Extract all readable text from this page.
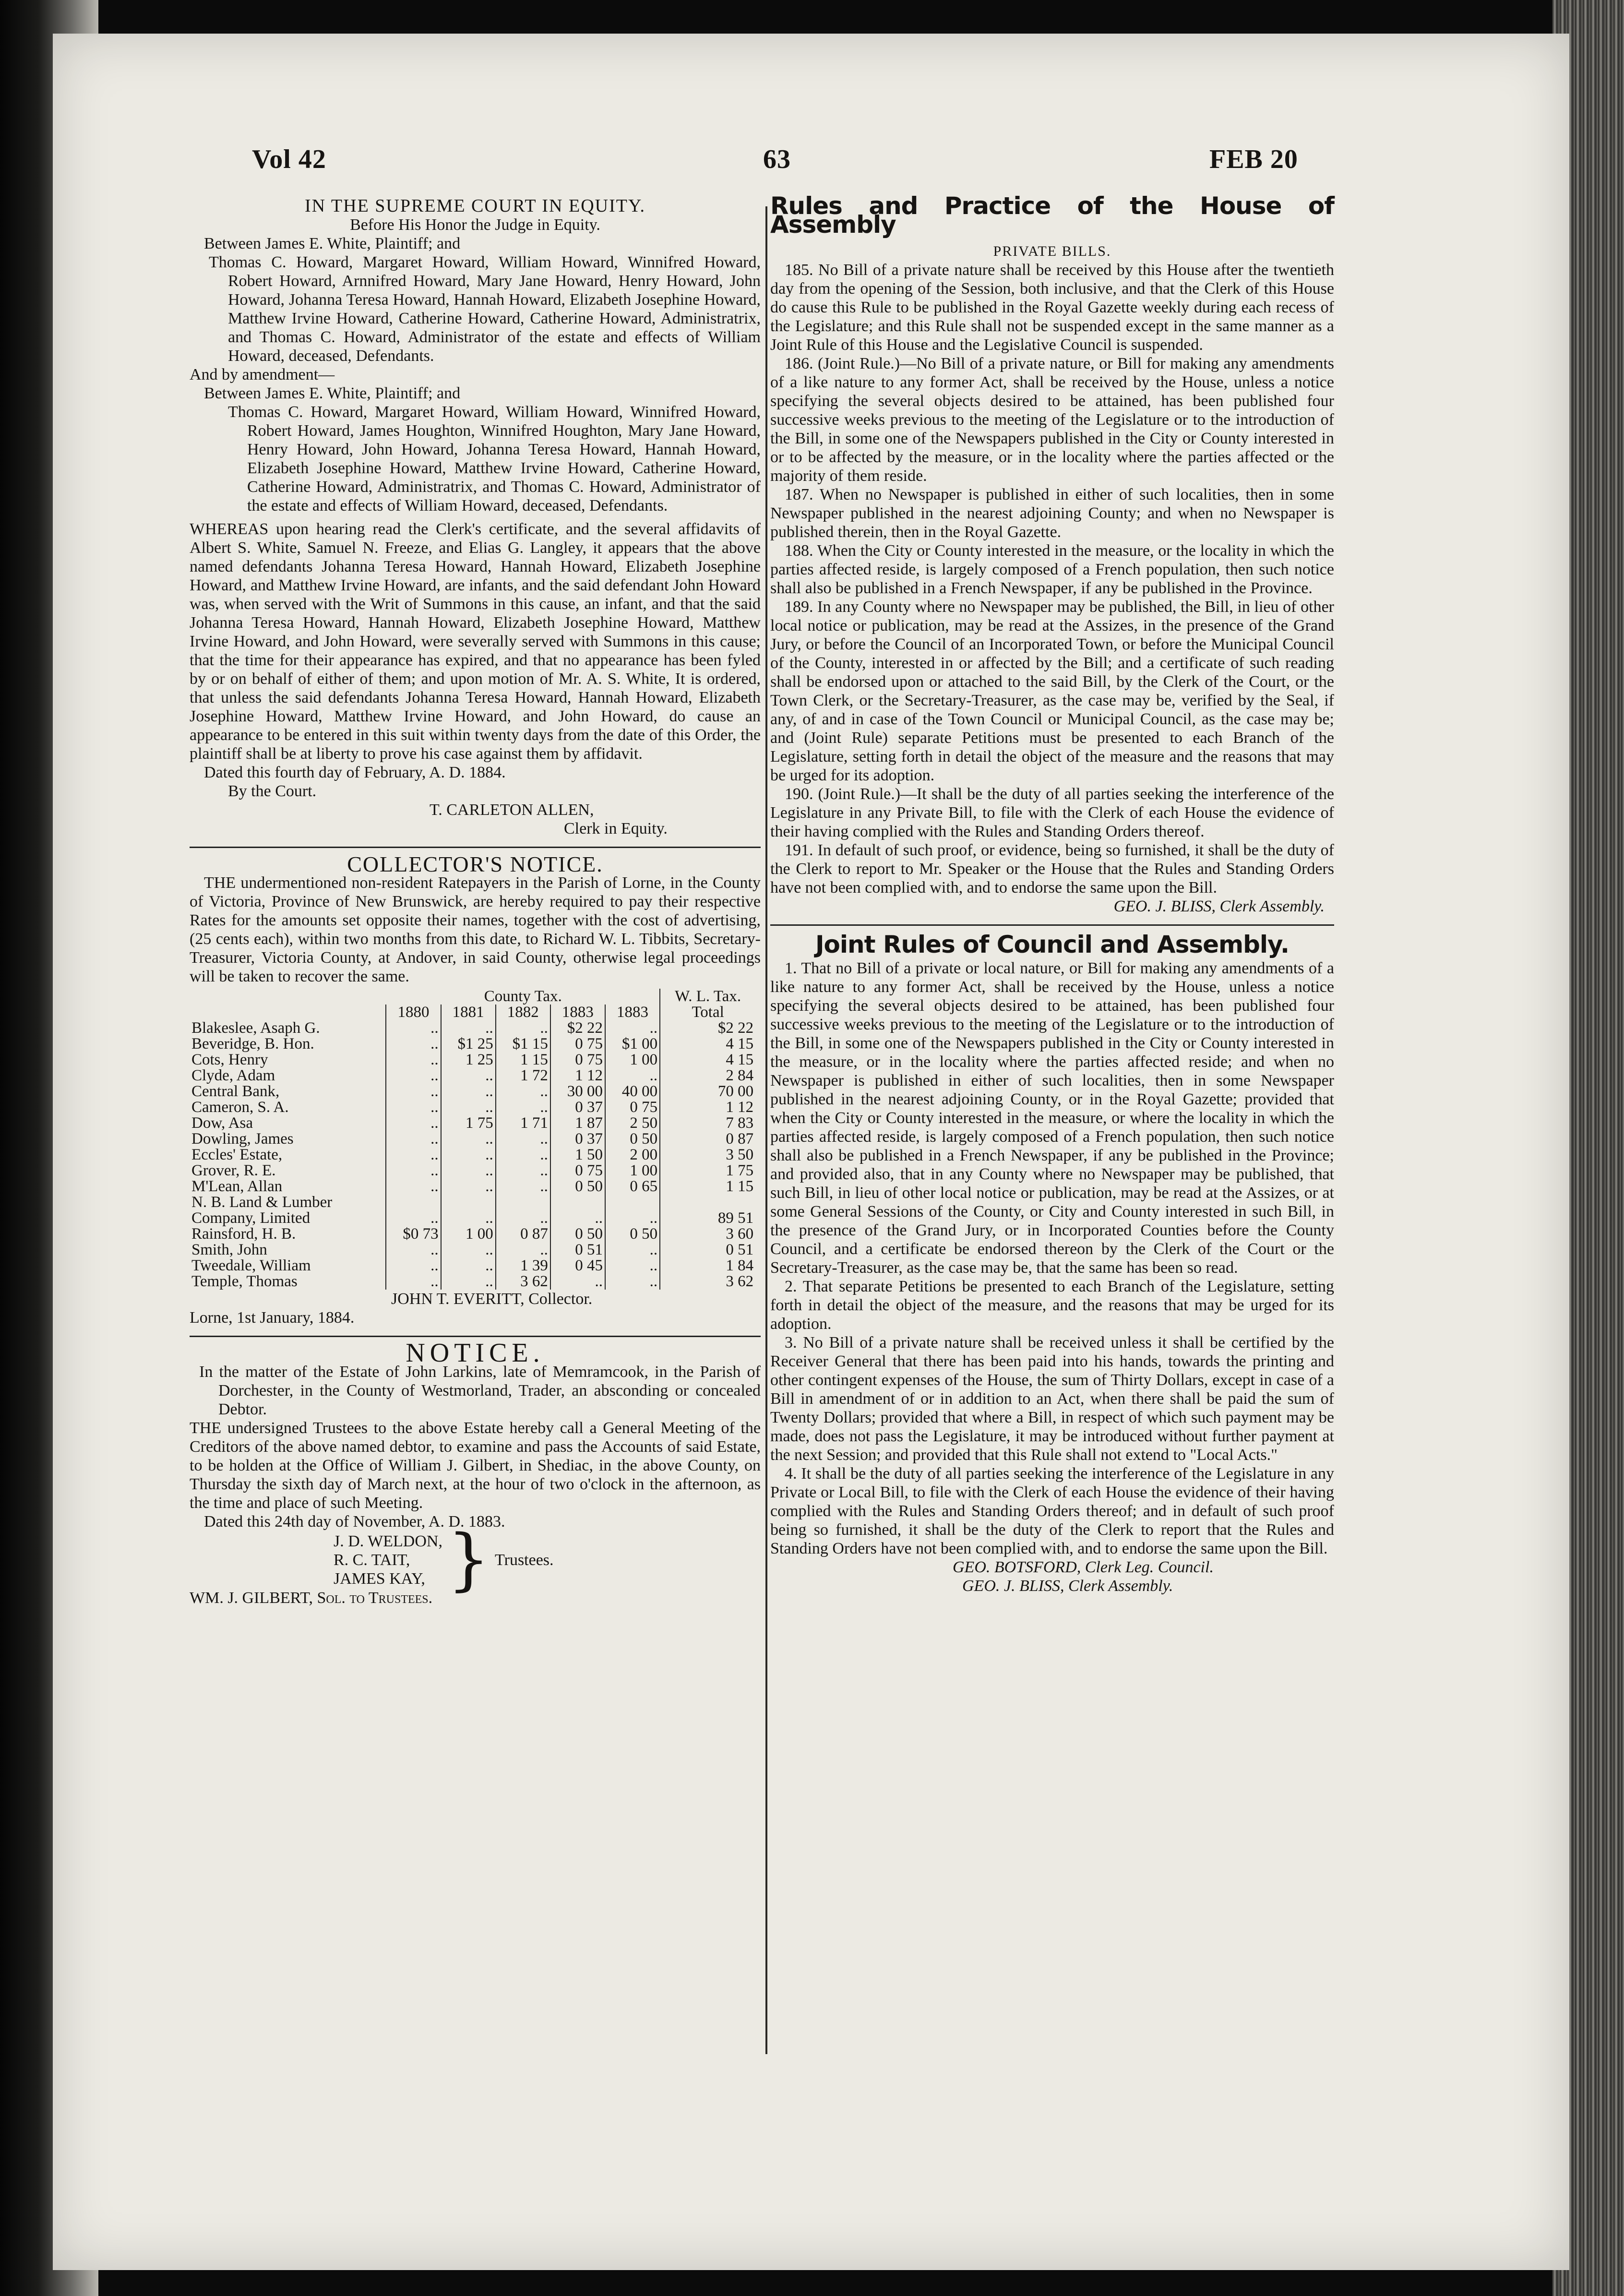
Vol 42	63	FEB 20

IN THE SUPREME COURT IN EQUITY.

Before His Honor the Judge in Equity.

Between James E. White, Plaintiff; and

Thomas C. Howard, Margaret Howard, William Howard, Winnifred Howard, Robert Howard, Arnnifred Howard, Mary Jane Howard, Henry Howard, John Howard, Johanna Teresa Howard, Hannah Howard, Elizabeth Josephine Howard, Matthew Irvine Howard, Catherine Howard, Catherine Howard, Administratrix, and Thomas C. Howard, Administrator of the estate and effects of William Howard, deceased, Defendants.

And by amendment—

Between James E. White, Plaintiff; and

Thomas C. Howard, Margaret Howard, William Howard, Winnifred Howard, Robert Howard, James Houghton, Winnifred Houghton, Mary Jane Howard, Henry Howard, John Howard, Johanna Teresa Howard, Hannah Howard, Elizabeth Josephine Howard, Matthew Irvine Howard, Catherine Howard, Catherine Howard, Administratrix, and Thomas C. Howard, Administrator of the estate and effects of William Howard, deceased, Defendants.

WHEREAS upon hearing read the Clerk's certificate, and the several affidavits of Albert S. White, Samuel N. Freeze, and Elias G. Langley, it appears that the above named defendants Johanna Teresa Howard, Hannah Howard, Elizabeth Josephine Howard, and Matthew Irvine Howard, are infants, and the said defendant John Howard was, when served with the Writ of Summons in this cause, an infant, and that the said Johanna Teresa Howard, Hannah Howard, Elizabeth Josephine Howard, Matthew Irvine Howard, and John Howard, were severally served with Summons in this cause; that the time for their appearance has expired, and that no appearance has been fyled by or on behalf of either of them; and upon motion of Mr. A. S. White, It is ordered, that unless the said defendants Johanna Teresa Howard, Hannah Howard, Elizabeth Josephine Howard, Matthew Irvine Howard, and John Howard, do cause an appearance to be entered in this suit within twenty days from the date of this Order, the plaintiff shall be at liberty to prove his case against them by affidavit.

Dated this fourth day of February, A. D. 1884.

By the Court.

T. CARLETON ALLEN,

Clerk in Equity.

COLLECTOR'S NOTICE.

THE undermentioned non-resident Ratepayers in the Parish of Lorne, in the County of Victoria, Province of New Brunswick, are hereby required to pay their respective Rates for the amounts set opposite their names, together with the cost of advertising, (25 cents each), within two months from this date, to Richard W. L. Tibbits, Secretary-Treasurer, Victoria County, at Andover, in said County, otherwise legal proceedings will be taken to recover the same.

		County Tax.				W. L. Tax.	
	1880	1881	1882	1883	1883	Total	
Blakeslee, Asaph G.	..	..	..	$2 22	..	$2 22	
Beveridge, B. Hon.	..	$1 25	$1 15	0 75	$1 00	4 15	
Cots, Henry	..	1 25	1 15	0 75	1 00	4 15	
Clyde, Adam	..	..	1 72	1 12	..	2 84	
Central Bank,	..	..	..	30 00	40 00	70 00	
Cameron, S. A.	..	..	..	0 37	0 75	1 12	
Dow, Asa	..	1 75	1 71	1 87	2 50	7 83	
Dowling, James	..	..	..	0 37	0 50	0 87	
Eccles' Estate,	..	..	..	1 50	2 00	3 50	
Grover, R. E.	..	..	..	0 75	1 00	1 75	
M'Lean, Allan	..	..	..	0 50	0 65	1 15	
N. B. Land & Lumber							
Company, Limited	..	..	..	..	..	89 51	
Rainsford, H. B.	$0 73	1 00	0 87	0 50	0 50	3 60	
Smith, John	..	..	..	0 51	..	0 51	
Tweedale, William	..	..	1 39	0 45	..	1 84	
Temple, Thomas	..	..	3 62	..	..	3 62	

JOHN T. EVERITT, Collector.

Lorne, 1st January, 1884.

NOTICE.

In the matter of the Estate of John Larkins, late of Memramcook, in the Parish of Dorchester, in the County of Westmorland, Trader, an absconding or concealed Debtor.

THE undersigned Trustees to the above Estate hereby call a General Meeting of the Creditors of the above named debtor, to examine and pass the Accounts of said Estate, to be holden at the Office of William J. Gilbert, in Shediac, in the above County, on Thursday the sixth day of March next, at the hour of two o'clock in the afternoon, as the time and place of such Meeting.

Dated this 24th day of November, A. D. 1883.

J. D. WELDON,

R. C. TAIT,

JAMES KAY, } Trustees.

WM. J. GILBERT, Sol. to Trustees.

Rules and Practice of the House of Assembly

PRIVATE BILLS.

185. No Bill of a private nature shall be received by this House after the twentieth day from the opening of the Session, both inclusive, and that the Clerk of this House do cause this Rule to be published in the Royal Gazette weekly during each recess of the Legislature; and this Rule shall not be suspended except in the same manner as a Joint Rule of this House and the Legislative Council is suspended.

186. (Joint Rule.)—No Bill of a private nature, or Bill for making any amendments of a like nature to any former Act, shall be received by the House, unless a notice specifying the several objects desired to be attained, has been published four successive weeks previous to the meeting of the Legislature or to the introduction of the Bill, in some one of the Newspapers published in the City or County interested in or to be affected by the measure, or in the locality where the parties affected or the majority of them reside.

187. When no Newspaper is published in either of such localities, then in some Newspaper published in the nearest adjoining County; and when no Newspaper is published therein, then in the Royal Gazette.

188. When the City or County interested in the measure, or the locality in which the parties affected reside, is largely composed of a French population, then such notice shall also be published in a French Newspaper, if any be published in the Province.

189. In any County where no Newspaper may be published, the Bill, in lieu of other local notice or publication, may be read at the Assizes, in the presence of the Grand Jury, or before the Council of an Incorporated Town, or before the Municipal Council of the County, interested in or affected by the Bill; and a certificate of such reading shall be endorsed upon or attached to the said Bill, by the Clerk of the Court, or the Town Clerk, or the Secretary-Treasurer, as the case may be, verified by the Seal, if any, of and in case of the Town Council or Municipal Council, as the case may be; and (Joint Rule) separate Petitions must be presented to each Branch of the Legislature, setting forth in detail the object of the measure and the reasons that may be urged for its adoption.

190. (Joint Rule.)—It shall be the duty of all parties seeking the interference of the Legislature in any Private Bill, to file with the Clerk of each House the evidence of their having complied with the Rules and Standing Orders thereof.

191. In default of such proof, or evidence, being so furnished, it shall be the duty of the Clerk to report to Mr. Speaker or the House that the Rules and Standing Orders have not been complied with, and to endorse the same upon the Bill.

GEO. J. BLISS, Clerk Assembly.

Joint Rules of Council and Assembly.

1. That no Bill of a private or local nature, or Bill for making any amendments of a like nature to any former Act, shall be received by the House, unless a notice specifying the several objects desired to be attained, has been published four successive weeks previous to the meeting of the Legislature or to the introduction of the Bill, in some one of the Newspapers published in the City or County interested in the measure, or in the locality where the parties affected reside; and when no Newspaper is published in either of such localities, then in some Newspaper published in the nearest adjoining County, or in the Royal Gazette; provided that when the City or County interested in the measure, or where the locality in which the parties affected reside, is largely composed of a French population, then such notice shall also be published in a French Newspaper, if any be published in the Province; and provided also, that in any County where no Newspaper may be published, that such Bill, in lieu of other local notice or publication, may be read at the Assizes, or at some General Sessions of the County, or City and County interested in such Bill, in the presence of the Grand Jury, or in Incorporated Counties before the County Council, and a certificate be endorsed thereon by the Clerk of the Court or the Secretary-Treasurer, as the case may be, that the same has been so read.

2. That separate Petitions be presented to each Branch of the Legislature, setting forth in detail the object of the measure, and the reasons that may be urged for its adoption.

3. No Bill of a private nature shall be received unless it shall be certified by the Receiver General that there has been paid into his hands, towards the printing and other contingent expenses of the House, the sum of Thirty Dollars, except in case of a Bill in amendment of or in addition to an Act, when there shall be paid the sum of Twenty Dollars; provided that where a Bill, in respect of which such payment may be made, does not pass the Legislature, it may be introduced without further payment at the next Session; and provided that this Rule shall not extend to "Local Acts."

4. It shall be the duty of all parties seeking the interference of the Legislature in any Private or Local Bill, to file with the Clerk of each House the evidence of their having complied with the Rules and Standing Orders thereof; and in default of such proof being so furnished, it shall be the duty of the Clerk to report that the Rules and Standing Orders have not been complied with, and to endorse the same upon the Bill.

GEO. BOTSFORD, Clerk Leg. Council.

GEO. J. BLISS, Clerk Assembly.
